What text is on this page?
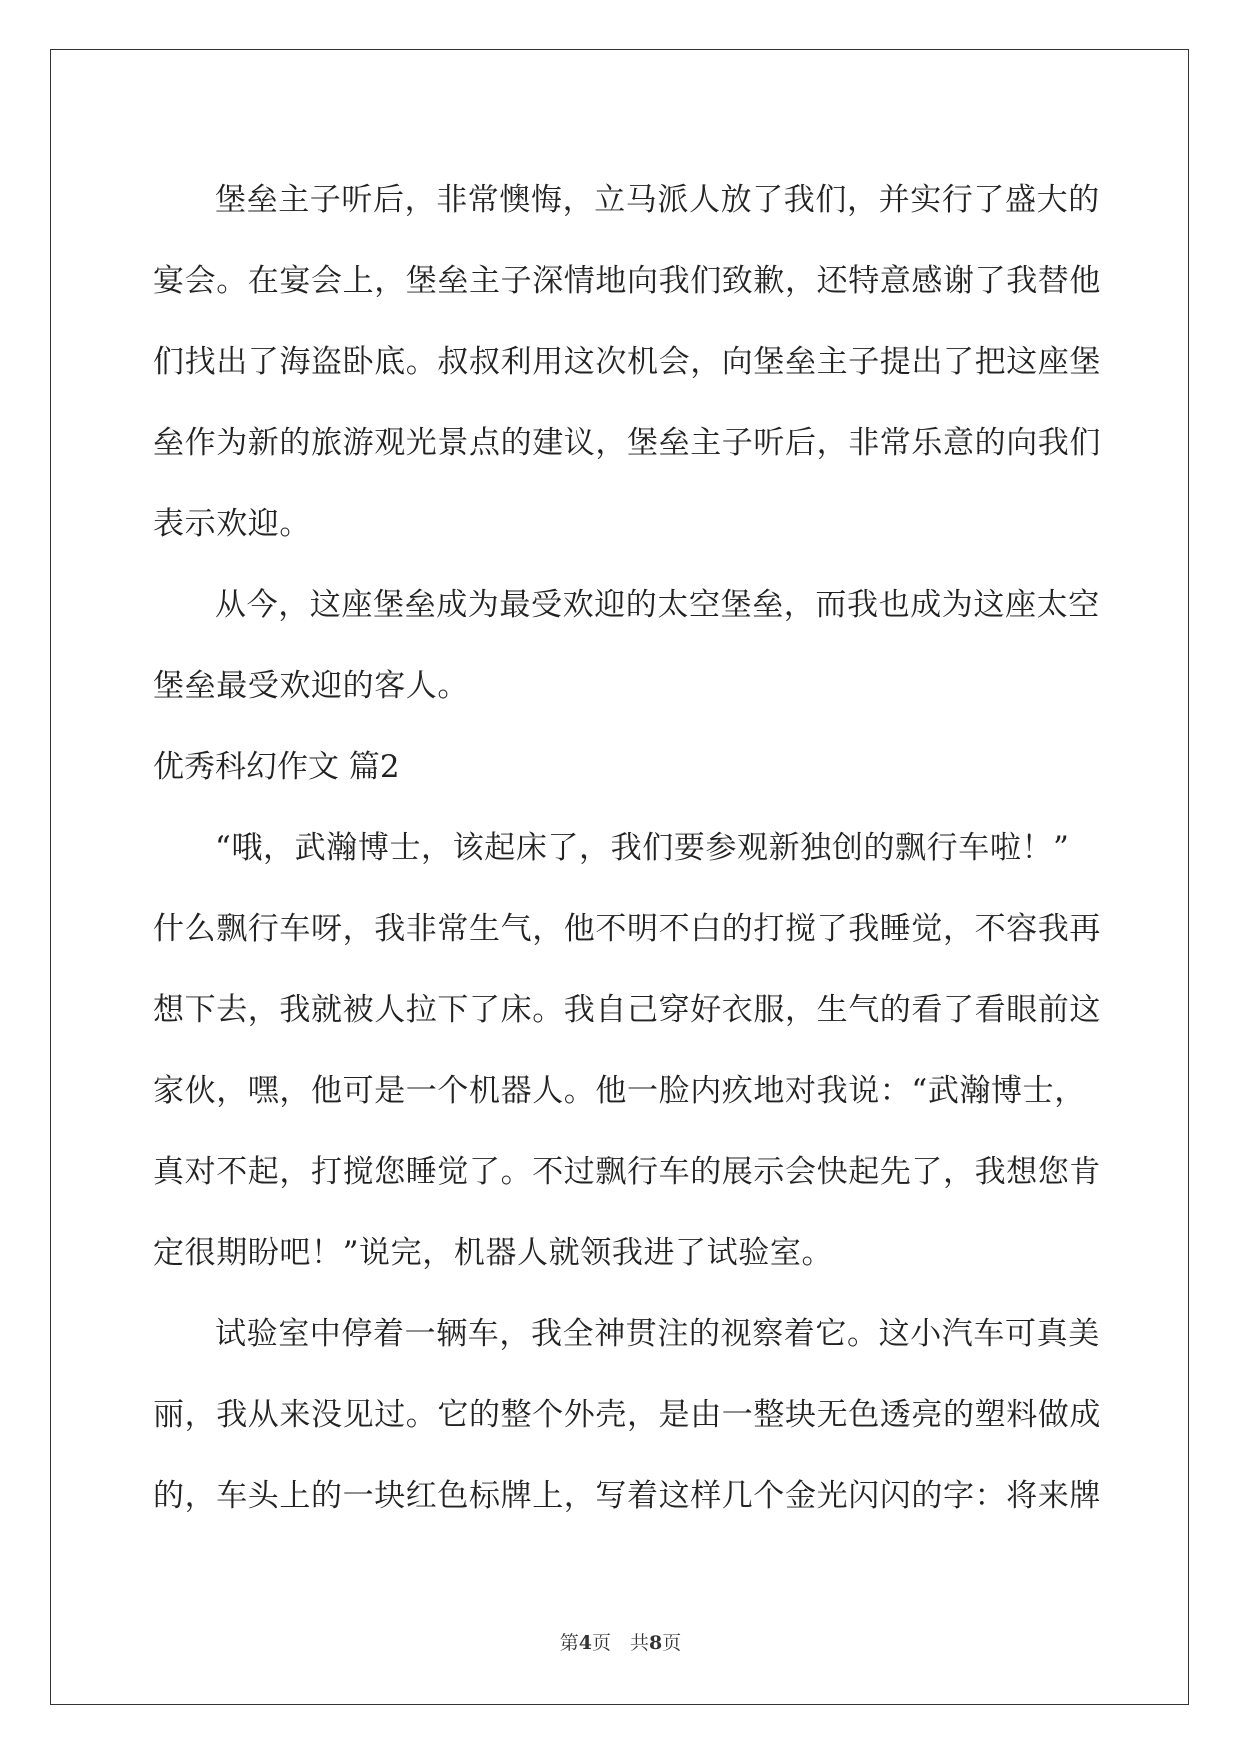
堡垒主子听后，非常懊悔，立马派人放了我们，并实行了盛大的
宴会。在宴会上，堡垒主子深情地向我们致歉，还特意感谢了我替他
们找出了海盗卧底。叔叔利用这次机会，向堡垒主子提出了把这座堡
垒作为新的旅游观光景点的建议，堡垒主子听后，非常乐意的向我们
表示欢迎。
从今，这座堡垒成为最受欢迎的太空堡垒，而我也成为这座太空
堡垒最受欢迎的客人。
优秀科幻作文 篇2
“哦，武瀚博士，该起床了，我们要参观新独创的飘行车啦！”
什么飘行车呀，我非常生气，他不明不白的打搅了我睡觉，不容我再
想下去，我就被人拉下了床。我自己穿好衣服，生气的看了看眼前这
家伙，嘿，他可是一个机器人。他一脸内疚地对我说：“武瀚博士，
真对不起，打搅您睡觉了。不过飘行车的展示会快起先了，我想您肯
定很期盼吧！”说完，机器人就领我进了试验室。
试验室中停着一辆车，我全神贯注的视察着它。这小汽车可真美
丽，我从来没见过。它的整个外壳，是由一整块无色透亮的塑料做成
的，车头上的一块红色标牌上，写着这样几个金光闪闪的字：将来牌
第4页　共8页
